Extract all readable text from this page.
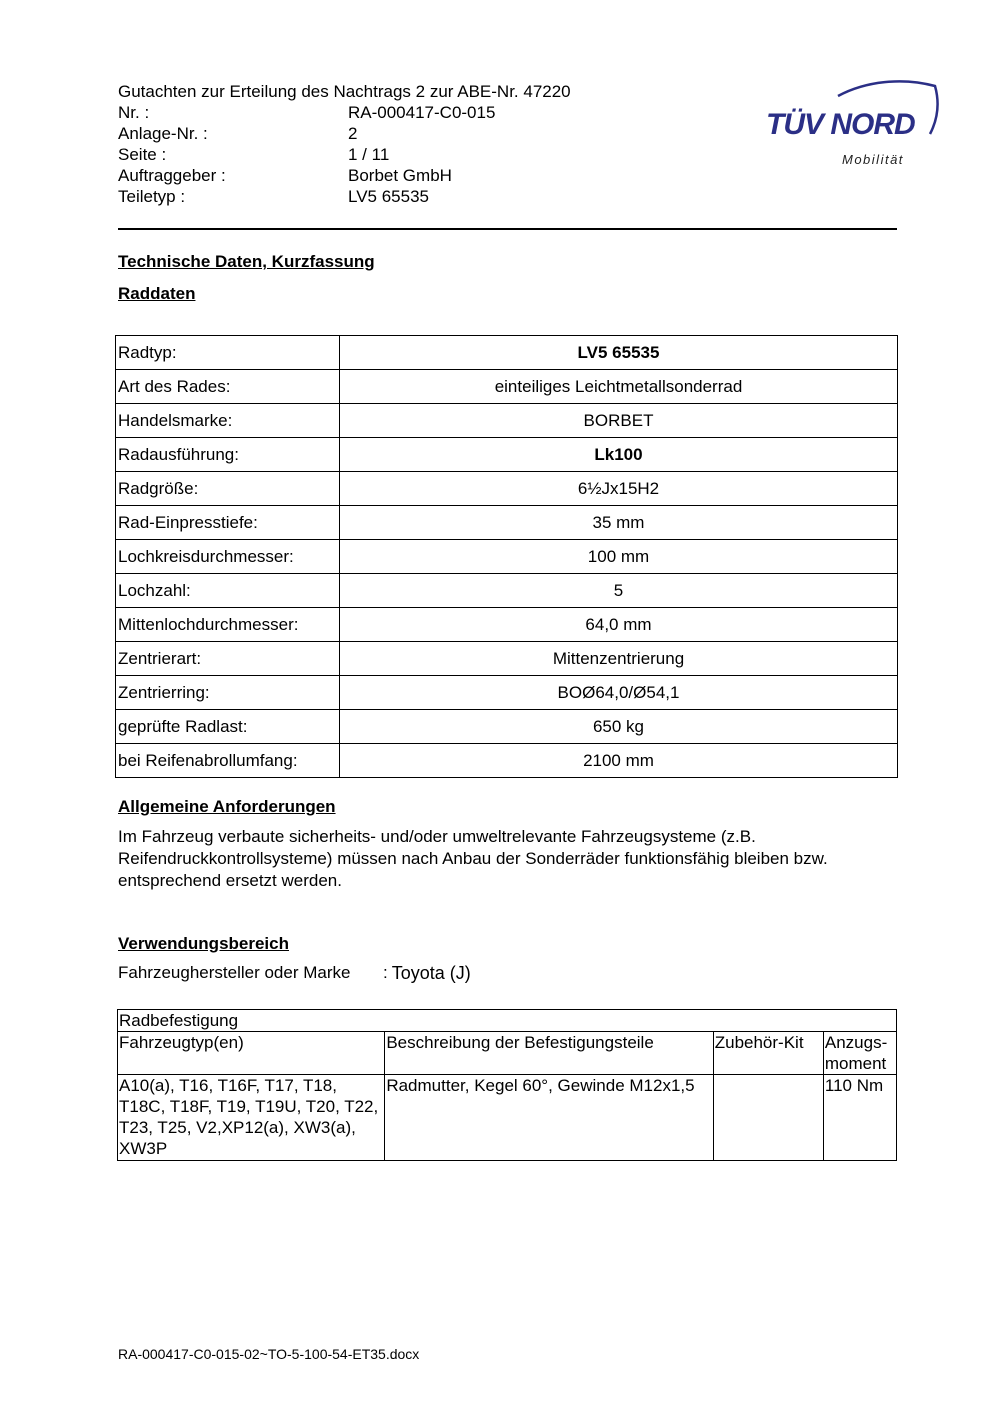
Gutachten zur Erteilung des Nachtrags 2 zur ABE-Nr. 47220
Nr. :	RA-000417-C0-015
Anlage-Nr. :	2
Seite :	1 / 11
Auftraggeber :	Borbet GmbH
Teiletyp :	LV5 65535
TÜV NORD
Mobilität
Technische Daten, Kurzfassung
Raddaten
Radtyp:	LV5 65535
Art des Rades:	einteiliges Leichtmetallsonderrad
Handelsmarke:	BORBET
Radausführung:	Lk100
Radgröße:	6½Jx15H2
Rad-Einpresstiefe:	35 mm
Lochkreisdurchmesser:	100 mm
Lochzahl:	5
Mittenlochdurchmesser:	64,0 mm
Zentrierart:	Mittenzentrierung
Zentrierring:	BOØ64,0/Ø54,1
geprüfte Radlast:	650 kg
bei Reifenabrollumfang:	2100 mm
Allgemeine Anforderungen
Im Fahrzeug verbaute sicherheits- und/oder umweltrelevante Fahrzeugsysteme (z.B. Reifendruckkontrollsysteme) müssen nach Anbau der Sonderräder funktionsfähig bleiben bzw. entsprechend ersetzt werden.
Verwendungsbereich
Fahrzeughersteller oder Marke	: Toyota (J)
Radbefestigung			
Fahrzeugtyp(en)	Beschreibung der Befestigungsteile	Zubehör-Kit	Anzugs-moment
A10(a), T16, T16F, T17, T18, T18C, T18F, T19, T19U, T20, T22, T23, T25, V2,XP12(a), XW3(a), XW3P	Radmutter, Kegel 60°, Gewinde M12x1,5		110 Nm
RA-000417-C0-015-02~TO-5-100-54-ET35.docx
